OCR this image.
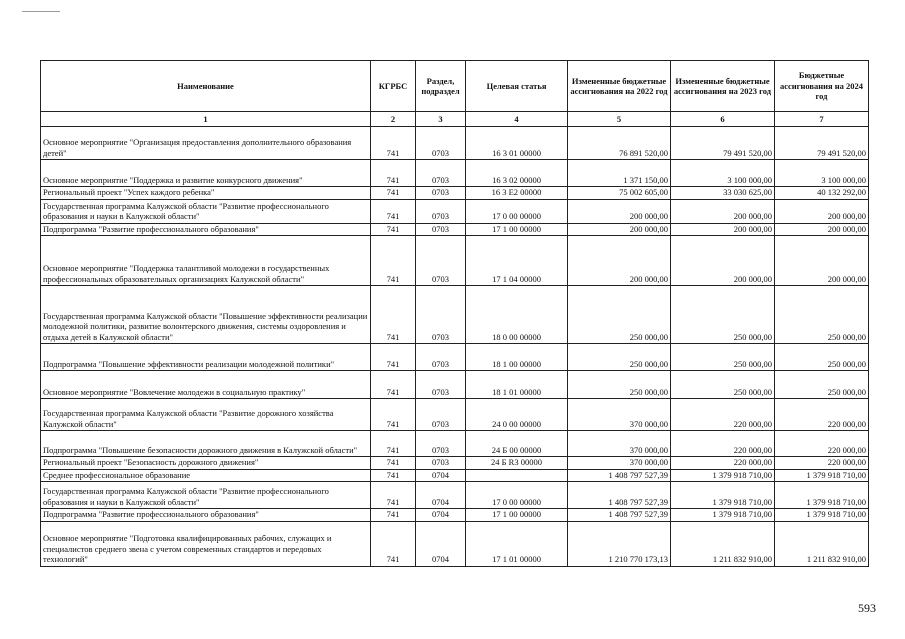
Наименование	КГРБС	Раздел, подраздел	Целевая статья	Измененные бюджетные ассигнования на 2022 год	Измененные бюджетные ассигнования на 2023 год	Бюджетные ассигнования на 2024 год
1	2	3	4	5	6	7
Основное мероприятие "Организация предоставления дополнительного образования детей"	741	0703	16 3 01 00000	76 891 520,00	79 491 520,00	79 491 520,00
Основное мероприятие "Поддержка и развитие конкурсного движения"	741	0703	16 3 02 00000	1 371 150,00	3 100 000,00	3 100 000,00
Региональный проект "Успех каждого ребенка"	741	0703	16 3 E2 00000	75 002 605,00	33 030 625,00	40 132 292,00
Государственная программа Калужской области "Развитие профессионального образования и науки в Калужской области"	741	0703	17 0 00 00000	200 000,00	200 000,00	200 000,00
Подпрограмма "Развитие профессионального образования"	741	0703	17 1 00 00000	200 000,00	200 000,00	200 000,00
Основное мероприятие "Поддержка талантливой молодежи в государственных профессиональных образовательных организациях Калужской области"	741	0703	17 1 04 00000	200 000,00	200 000,00	200 000,00
Государственная программа Калужской области "Повышение эффективности реализации молодежной политики, развитие волонтерского движения, системы оздоровления и отдыха детей в Калужской области"	741	0703	18 0 00 00000	250 000,00	250 000,00	250 000,00
Подпрограмма "Повышение эффективности реализации молодежной политики"	741	0703	18 1 00 00000	250 000,00	250 000,00	250 000,00
Основное мероприятие "Вовлечение молодежи в социальную практику"	741	0703	18 1 01 00000	250 000,00	250 000,00	250 000,00
Государственная программа Калужской области "Развитие дорожного хозяйства Калужской области"	741	0703	24 0 00 00000	370 000,00	220 000,00	220 000,00
Подпрограмма "Повышение безопасности дорожного движения в Калужской области"	741	0703	24 Б 00 00000	370 000,00	220 000,00	220 000,00
Региональный проект "Безопасность дорожного движения"	741	0703	24 Б R3 00000	370 000,00	220 000,00	220 000,00
Среднее профессиональное образование	741	0704		1 408 797 527,39	1 379 918 710,00	1 379 918 710,00
Государственная программа Калужской области "Развитие профессионального образования и науки в Калужской области"	741	0704	17 0 00 00000	1 408 797 527,39	1 379 918 710,00	1 379 918 710,00
Подпрограмма "Развитие профессионального образования"	741	0704	17 1 00 00000	1 408 797 527,39	1 379 918 710,00	1 379 918 710,00
Основное мероприятие "Подготовка квалифицированных рабочих, служащих и специалистов среднего звена с учетом современных стандартов и передовых технологий"	741	0704	17 1 01 00000	1 210 770 173,13	1 211 832 910,00	1 211 832 910,00
593
